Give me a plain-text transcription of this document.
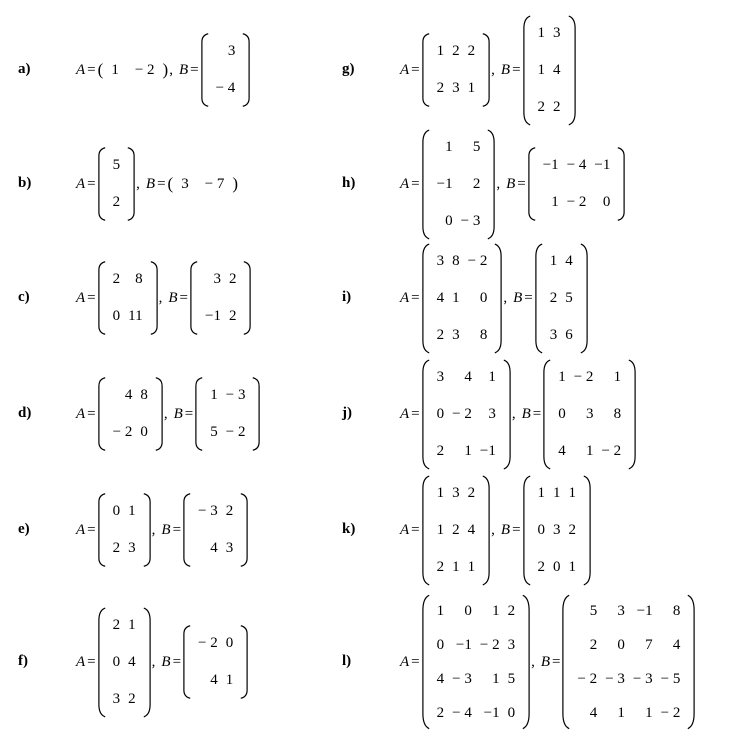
a)	A = ( 1	− 2 ) , B =
3
− 4
b)	A =
5
2
, B = ( 3	− 7 )
c)	A =
2 8
0 11
, B =
3 2
−1 2
d)	A =
4 8
− 2 0
, B =
1 − 3
5 − 2
e)	A =
0 1
2 3
, B =
− 3 2
4 3
f)	A =
2 1
0 4
3 2
, B =
− 2 0
4 1
g)	A =
1 2 2
2 3 1
, B =
1 3
1 4
2 2
h)	A =
1	5
−1	2
0 − 3
, B =
−1 − 4 −1
1 − 2	0
i)	A =
3 8 − 2
4 1	0
2 3	8
, B =
1 4
2 5
3 6
j)	A =
3	4	1
0 − 2	3
2	1 −1
, B =
1 − 2	1
0	3	8
4	1 − 2
k)	A =
1 3 2
1 2 4
2 1 1
, B =
1 1 1
0 3 2
2 0 1
l)	A =
1	0	1 2
0 −1 − 2 3
4 − 3	1 5
2 − 4 −1 0
, B =
5	3 −1	8
2	0	7	4
− 2 − 3 − 3 − 5
4	1	1 − 2
